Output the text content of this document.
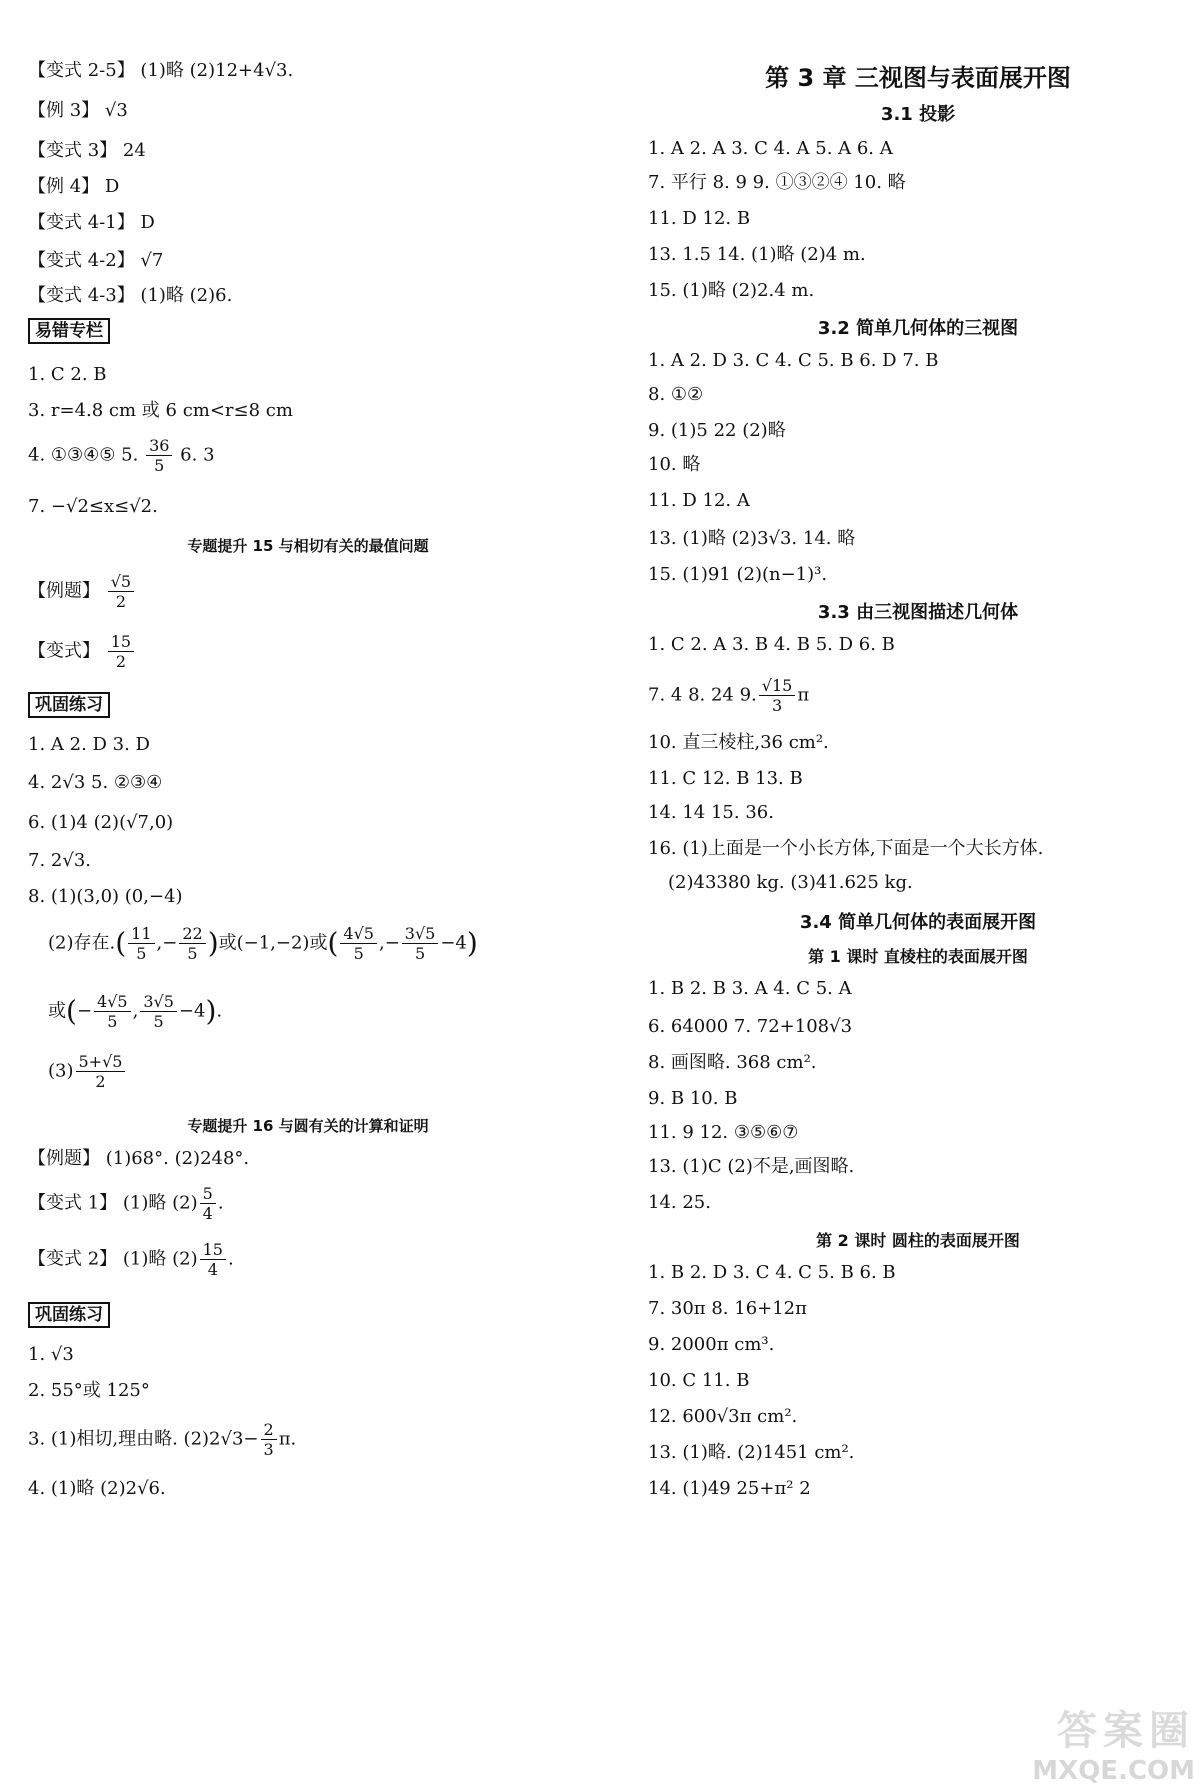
【变式 2-5】 (1)略 (2)12+4√3.
【例 3】 √3
【变式 3】 24
【例 4】 D
【变式 4-1】 D
【变式 4-2】 √7
【变式 4-3】 (1)略 (2)6.
易错专栏
1. C 2. B
3. r=4.8 cm 或 6 cm<r≤8 cm
4. ①③④⑤ 5. $\frac{36}{5} 6$. 3
7. −√2≤x≤√2.
专题提升 15 与相切有关的最值问题
【例题】 $\frac{√5}{2}$
【变式】 $\frac{15}{2}$
巩固练习
1. A 2. D 3. D
4. 2√3 5. ②③④
6. (1)4 (2)(√7,0)
7. 2√3.
8. (1)(3,0) (0,−4)
(2)存在.( $\frac{11}{5}$ ,− $\frac{22}{5}$ )或(−1,−2)或( $\frac{4√5}{5}$ ,− $\frac{3√5}{5} -4$)
或(− $\frac{4√5}{5}$ , $\frac{3√5}{5} -4$).
$(3) \frac{5+√5}{2}$
专题提升 16 与圆有关的计算和证明
【例题】 (1)68°. (2)248°.
【变式 1】 (1)略 $(2) \frac{5}{4}$ .
【变式 2】 (1)略 $(2) \frac{15}{4}$ .
巩固练习
1. √3
2. 55°或 125°
3. (1)相切,理由略. $(2)2√3- \frac{2}{3} \pi$.
4. (1)略 (2)2√6.
第 3 章 三视图与表面展开图
3.1 投影
1. A 2. A 3. C 4. A 5. A 6. A
7. 平行 8. 9 9. ①③②④ 10. 略
11. D 12. B
13. 1.5 14. (1)略 (2)4 m.
15. (1)略 (2)2.4 m.
3.2 简单几何体的三视图
1. A 2. D 3. C 4. C 5. B 6. D 7. B
8. ①②
9. (1)5 22 (2)略
10. 略
11. D 12. A
13. (1)略 (2)3√3. 14. 略
15. (1)91 (2)(n−1)³.
3.3 由三视图描述几何体
1. C 2. A 3. B 4. B 5. D 6. B
7. 4 8. 24 9. $\frac{√15}{3}$ π
10. 直三棱柱,36 cm².
11. C 12. B 13. B
14. 14 15. 36.
16. (1)上面是一个小长方体,下面是一个大长方体.
(2)43380 kg. (3)41.625 kg.
3.4 简单几何体的表面展开图
第 1 课时 直棱柱的表面展开图
1. B 2. B 3. A 4. C 5. A
6. 64000 7. 72+108√3
8. 画图略. 368 cm².
9. B 10. B
11. 9 12. ③⑤⑥⑦
13. (1)C (2)不是,画图略.
14. 25.
第 2 课时 圆柱的表面展开图
1. B 2. D 3. C 4. C 5. B 6. B
7. 30π 8. 16+12π
9. 2000π cm³.
10. C 11. B
12. 600√3π cm².
13. (1)略. (2)1451 cm².
14. (1)49 25+π² 2
答案圈
MXQE.COM
